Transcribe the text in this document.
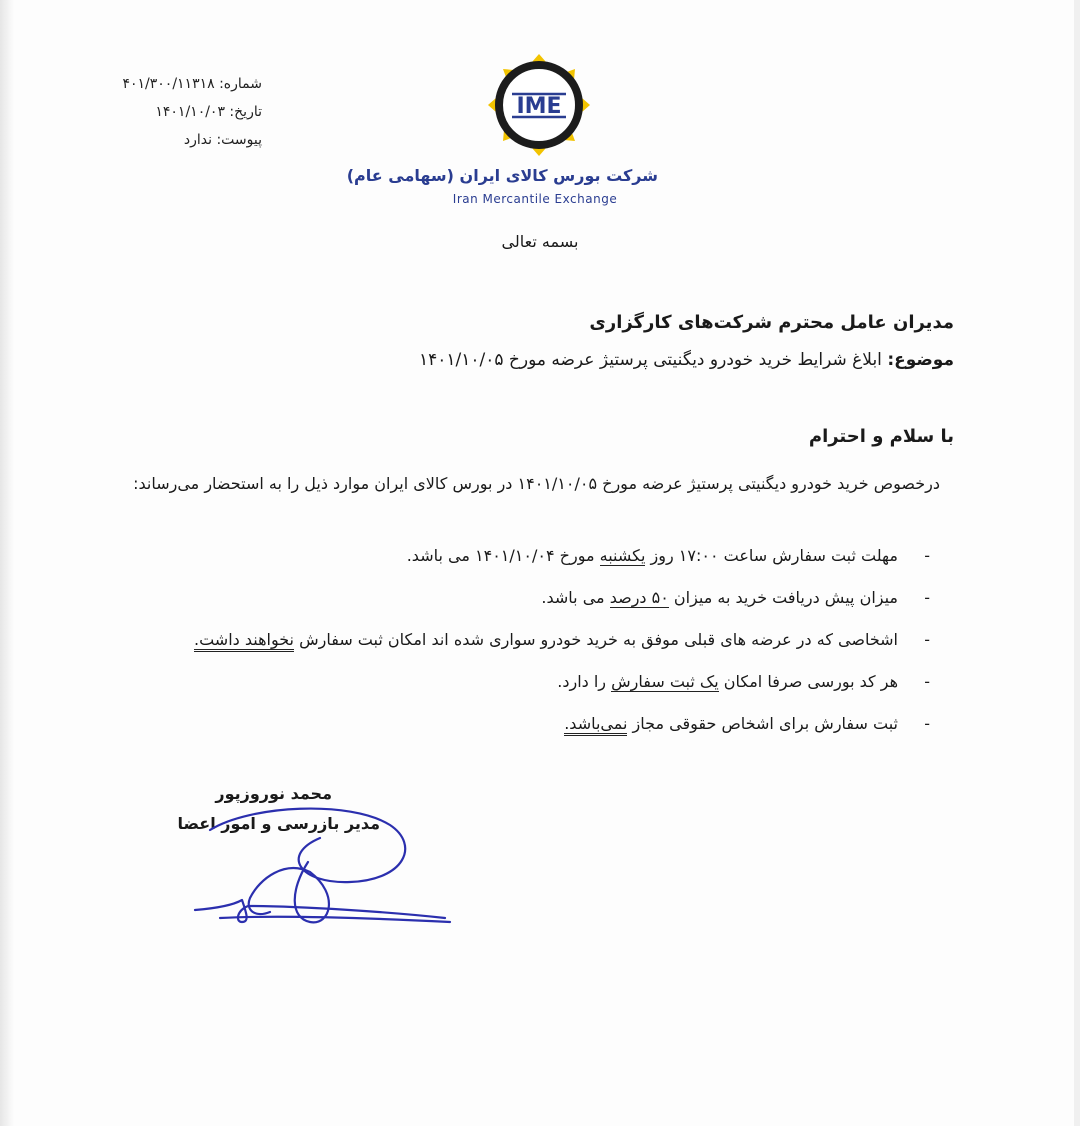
شماره: ۴۰۱/۳۰۰/۱۱۳۱۸
تاریخ: ۱۴۰۱/۱۰/۰۳
پیوست: ندارد
IME
شرکت بورس کالای ایران (سهامی عام)
Iran Mercantile Exchange
بسمه تعالی
مدیران عامل محترم شرکت‌های کارگزاری
موضوع: ابلاغ شرایط خرید خودرو دیگنیتی پرستیژ عرضه مورخ ۱۴۰۱/۱۰/۰۵
با سلام و احترام
درخصوص خرید خودرو دیگنیتی پرستیژ عرضه مورخ ۱۴۰۱/۱۰/۰۵ در بورس کالای ایران موارد ذیل را به استحضار می‌رساند:
-
مهلت ثبت سفارش ساعت ۱۷:۰۰ روز یکشنبه مورخ ۱۴۰۱/۱۰/۰۴ می باشد.
-
میزان پیش دریافت خرید به میزان ۵۰ درصد می باشد.
-
اشخاصی که در عرضه های قبلی موفق به خرید خودرو سواری شده اند امکان ثبت سفارش نخواهند داشت.
-
هر کد بورسی صرفا امکان یک ثبت سفارش را دارد.
-
ثبت سفارش برای اشخاص حقوقی مجاز نمی‌باشد.
محمد نوروزپور
مدیر بازرسی و امور اعضا
